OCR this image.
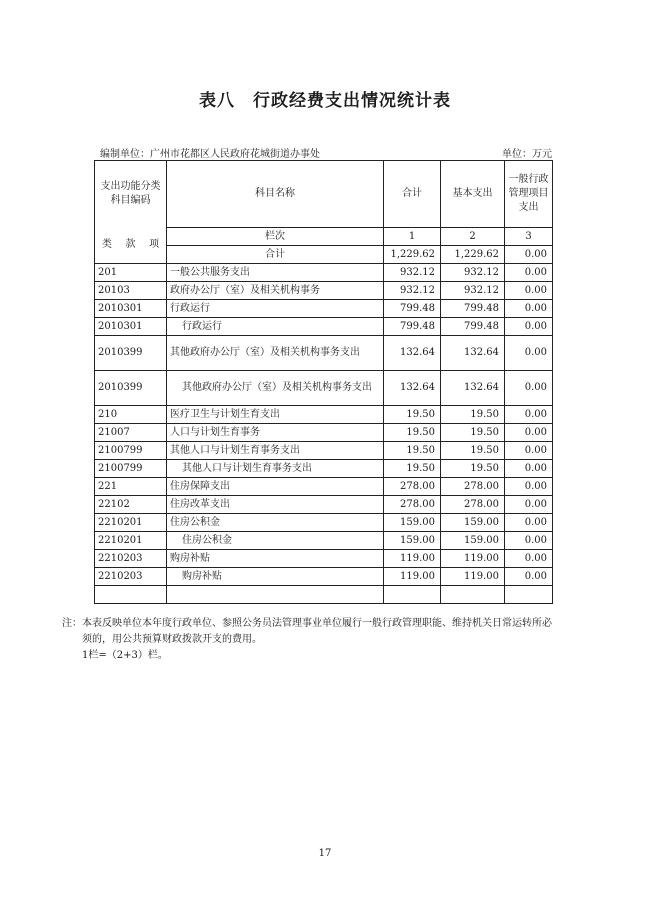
表八　行政经费支出情况统计表
编制单位：广州市花都区人民政府花城街道办事处	单位：万元
支出功能分类科目编码	科目名称	合计	基本支出	一般行政管理项目支出

类 款 项	栏次	1	2	3
	合计	1,229.62	1,229.62	0.00
201	一般公共服务支出	932.12	932.12	0.00
20103	政府办公厅（室）及相关机构事务	932.12	932.12	0.00
2010301	行政运行	799.48	799.48	0.00
2010301	行政运行	799.48	799.48	0.00
2010399	其他政府办公厅（室）及相关机构事务支出	132.64	132.64	0.00
2010399	其他政府办公厅（室）及相关机构事务支出	132.64	132.64	0.00
210	医疗卫生与计划生育支出	19.50	19.50	0.00
21007	人口与计划生育事务	19.50	19.50	0.00
2100799	其他人口与计划生育事务支出	19.50	19.50	0.00
2100799	其他人口与计划生育事务支出	19.50	19.50	0.00
221	住房保障支出	278.00	278.00	0.00
22102	住房改革支出	278.00	278.00	0.00
2210201	住房公积金	159.00	159.00	0.00
2210201	住房公积金	159.00	159.00	0.00
2210203	购房补贴	119.00	119.00	0.00
2210203	购房补贴	119.00	119.00	0.00

注：本表反映单位本年度行政单位、参照公务员法管理事业单位履行一般行政管理职能、维持机关日常运转所必须的，用公共预算财政拨款开支的费用。
1栏=（2+3）栏。
17
